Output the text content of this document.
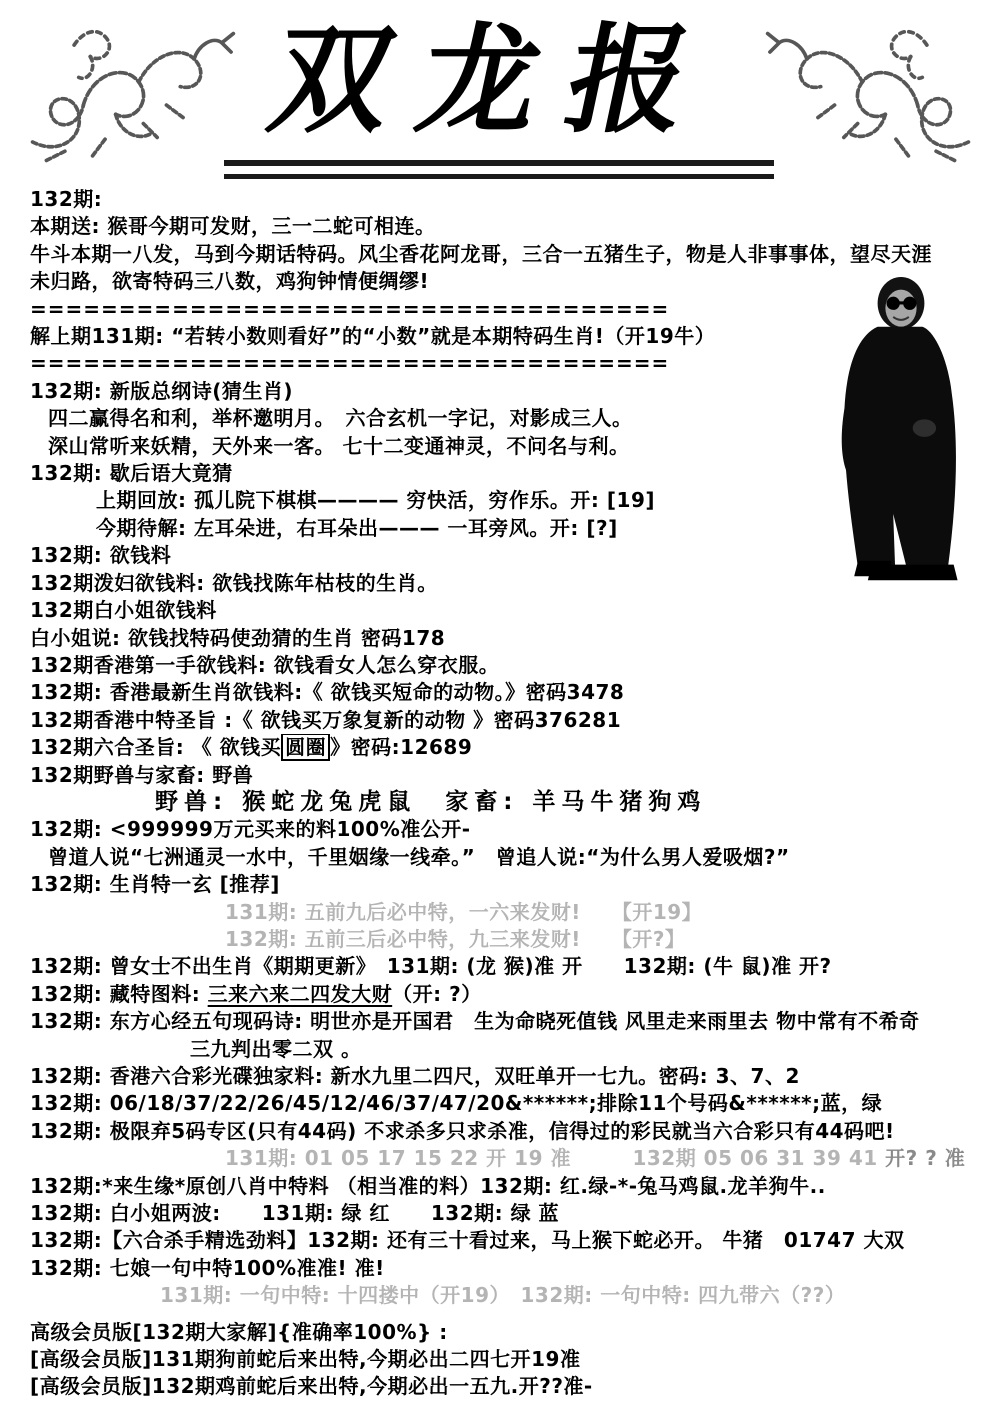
双龙报
132期:
本期送: 猴哥今期可发财，三一二蛇可相连。
牛斗本期一八发，马到今期话特码。风尘香花阿龙哥，三合一五猪生子，物是人非事事体，望尽天涯
未归路，欲寄特码三八数，鸡狗钟情便绸缪!
====================================
解上期131期: “若转小数则看好”的“小数”就是本期特码生肖!（开19牛）
====================================
132期: 新版总纲诗(猜生肖)
四二赢得名和利，举杯邀明月。　六合玄机一字记，对影成三人。
深山常听来妖精，天外来一客。 七十二变通神灵，不问名与利。
132期: 歇后语大竟猜
上期回放: 孤儿院下棋棋———— 穷快活，穷作乐。开: [19]
今期待解: 左耳朵进，右耳朵出——— 一耳旁风。开: [?]
132期: 欲钱料
132期泼妇欲钱料: 欲钱找陈年枯枝的生肖。
132期白小姐欲钱料
白小姐说: 欲钱找特码使劲猜的生肖 密码178
132期香港第一手欲钱料: 欲钱看女人怎么穿衣服。
132期: 香港最新生肖欲钱料:《 欲钱买短命的动物。》密码3478
132期香港中特圣旨 :《 欲钱买万象复新的动物 》密码376281
132期六合圣旨: 《 欲钱买 圆圈 》密码:12689
132期野兽与家畜: 野兽
野兽: 猴蛇龙兔虎鼠　家畜: 羊马牛猪狗鸡
132期: <999999万元买来的料100%准公开-
曾道人说“七洲通灵一水中，千里姻缘一线牵。”　曾追人说:“为什么男人爱吸烟?”
132期: 生肖特一玄 [推荐]
131期: 五前九后必中特，一六来发财!　　【开19】
132期: 五前三后必中特，九三来发财!　　【开?】
132期: 曾女士不出生肖《期期更新》　131期: (龙 猴)准 开　　132期: (牛 鼠)准 开?
132期: 藏特图料: 三来六来二四发大财（开: ?）
132期: 东方心经五句现码诗: 明世亦是开国君　生为命晓死值钱 风里走来雨里去 物中常有不希奇
三九判出零二双 。
132期: 香港六合彩光碟独家料: 新水九里二四尺，双旺单开一七九。密码: 3、7、2
132期: 06/18/37/22/26/45/12/46/37/47/20&******;排除11个号码&******;蓝，绿
132期: 极限弃5码专区(只有44码) 不求杀多只求杀准，信得过的彩民就当六合彩只有44码吧!
131期: 01 05 17 15 22 开 19 准　　　132期 05 06 31 39 41 开? ? 准
132期:*来生缘*原创八肖中特料 （相当准的料）132期: 红.绿-*-兔马鸡鼠.龙羊狗牛..
132期: 白小姐两波:　　131期: 绿 红　　132期: 绿 蓝
132期:【六合杀手精选劲料】132期: 还有三十看过来，马上猴下蛇必开。 牛猪　01747 大双
132期: 七娘一句中特100%准准! 准!
131期: 一句中特: 十四搂中（开19）　132期: 一句中特: 四九带六（??）
高级会员版[132期大家解]{准确率100%} :
[高级会员版]131期狗前蛇后来出特,今期必出二四七开19准
[高级会员版]132期鸡前蛇后来出特,今期必出一五九.开??准-
